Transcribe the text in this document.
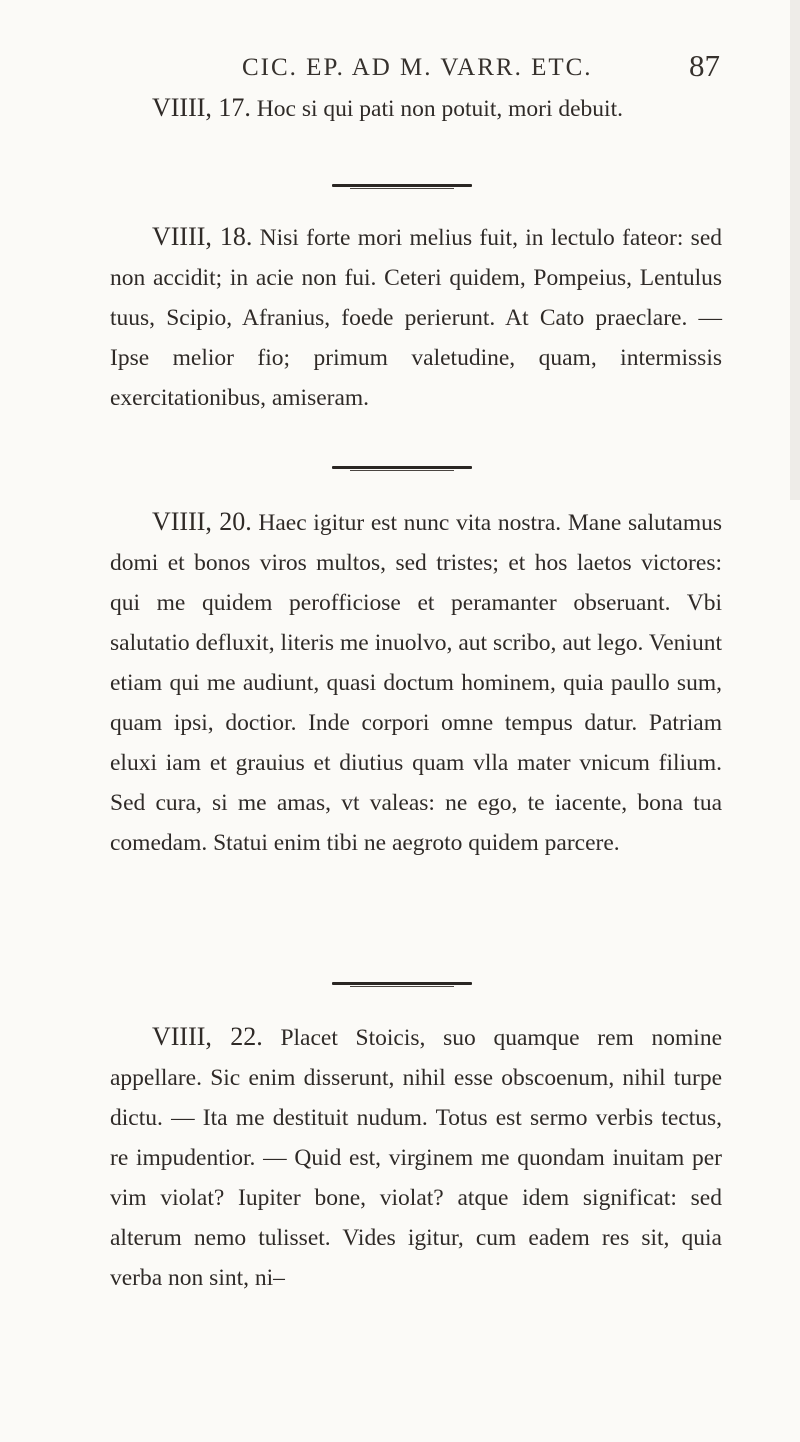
CIC. EP. AD M. VARR. ETC.	87

VIIII, 17. Hoc si qui pati non potuit, mori debuit.

VIIII, 18. Nisi forte mori melius fuit, in lectulo fateor: sed non accidit; in acie non fui. Ceteri quidem, Pompeius, Lentulus tuus, Scipio, Afranius, foede perierunt. At Cato praeclare. — Ipse melior fio; primum valetudine, quam, intermissis exercitationibus, amiseram.

VIIII, 20. Haec igitur est nunc vita nostra. Mane salutamus domi et bonos viros multos, sed tristes; et hos laetos victores: qui me quidem perofficiose et peramanter obseruant. Vbi salutatio defluxit, literis me inuolvo, aut scribo, aut lego. Veniunt etiam qui me audiunt, quasi doctum hominem, quia paullo sum, quam ipsi, doctior. Inde corpori omne tempus datur. Patriam eluxi iam et grauius et diutius quam vlla mater vnicum filium. Sed cura, si me amas, vt valeas: ne ego, te iacente, bona tua comedam. Statui enim tibi ne aegroto quidem parcere.

VIIII, 22. Placet Stoicis, suo quamque rem nomine appellare. Sic enim disserunt, nihil esse obscoenum, nihil turpe dictu. — Ita me destituit nudum. Totus est sermo verbis tectus, re impudentior. — Quid est, virginem me quondam inuitam per vim violat? Iupiter bone, violat? atque idem significat: sed alterum nemo tulisset. Vides igitur, cum eadem res sit, quia verba non sint, ni–
